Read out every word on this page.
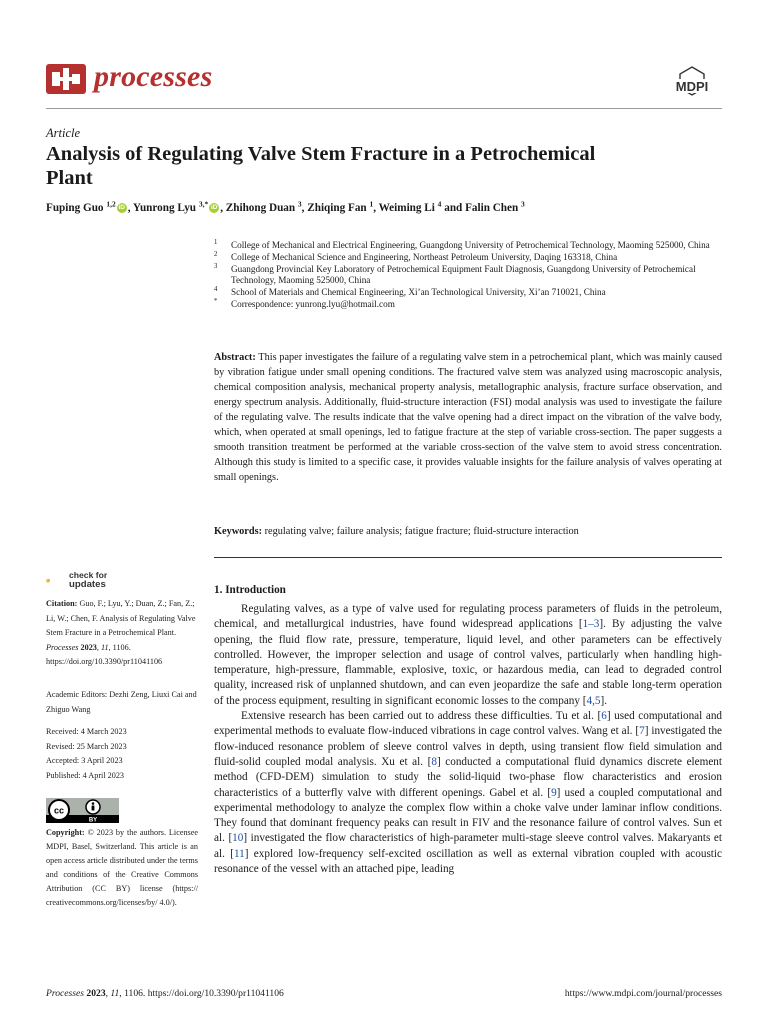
processes	MDPI
Article
Analysis of Regulating Valve Stem Fracture in a Petrochemical Plant
Fuping Guo $^{1,2}$ iD , Yunrong Lyu $^{3,*}$ iD , Zhihong Duan $^3$, Zhiqing Fan $^1$, Weiming Li $^4$ and Falin Chen $^3$
1 College of Mechanical and Electrical Engineering, Guangdong University of Petrochemical Technology, Maoming 525000, China
2 College of Mechanical Science and Engineering, Northeast Petroleum University, Daqing 163318, China
3 Guangdong Provincial Key Laboratory of Petrochemical Equipment Fault Diagnosis, Guangdong University of Petrochemical Technology, Maoming 525000, China
4 School of Materials and Chemical Engineering, Xi’an Technological University, Xi’an 710021, China
* Correspondence: yunrong.lyu@hotmail.com
Abstract: This paper investigates the failure of a regulating valve stem in a petrochemical plant, which was mainly caused by vibration fatigue under small opening conditions. The fractured valve stem was analyzed using macroscopic analysis, chemical composition analysis, mechanical property analysis, metallographic analysis, fracture surface observation, and energy spectrum analysis. Additionally, fluid-structure interaction (FSI) modal analysis was used to investigate the failure of the regulating valve. The results indicate that the valve opening had a direct impact on the vibration of the valve body, which, when operated at small openings, led to fatigue fracture at the step of variable cross-section. The paper suggests a smooth transition treatment be performed at the variable cross-section of the valve stem to avoid stress concentration. Although this study is limited to a specific case, it provides valuable insights for the failure analysis of valves operating at small openings.
Keywords: regulating valve; failure analysis; fatigue fracture; fluid-structure interaction
check for
updates
Citation: Guo, F.; Lyu, Y.; Duan, Z.; Fan, Z.; Li, W.; Chen, F. Analysis of Regulating Valve Stem Fracture in a Petrochemical Plant. Processes 2023, 11, 1106. https://doi.org/10.3390/pr11041106
Academic Editors: Dezhi Zeng, Liuxi Cai and Zhiguo Wang
Received: 4 March 2023
Revised: 25 March 2023
Accepted: 3 April 2023
Published: 4 April 2023
cc
BY
Copyright: © 2023 by the authors. Licensee MDPI, Basel, Switzerland. This article is an open access article distributed under the terms and conditions of the Creative Commons Attribution (CC BY) license (https:// creativecommons.org/licenses/by/ 4.0/).
1. Introduction

Regulating valves, as a type of valve used for regulating process parameters of fluids in the petroleum, chemical, and metallurgical industries, have found widespread applications [1–3]. By adjusting the valve opening, the fluid flow rate, pressure, temperature, liquid level, and other parameters can be effectively controlled. However, the improper selection and usage of control valves, particularly when handling high-temperature, high-pressure, flammable, explosive, toxic, or hazardous media, can lead to degraded control quality, increased risk of unplanned shutdown, and can even jeopardize the safe and stable long-term operation of the process equipment, resulting in significant economic losses to the company [4,5].

Extensive research has been carried out to address these difficulties. Tu et al. [6] used computational and experimental methods to evaluate flow-induced vibrations in cage control valves. Wang et al. [7] investigated the flow-induced resonance problem of sleeve control valves in depth, using transient flow field simulation and fluid-solid coupled modal analysis. Xu et al. [8] conducted a computational fluid dynamics discrete element method (CFD-DEM) simulation to study the solid-liquid two-phase flow characteristics and erosion characteristics of a butterfly valve with different openings. Gabel et al. [9] used a coupled computational and experimental methodology to analyze the complex flow within a choke valve under laminar inflow conditions. They found that dominant frequency peaks can result in FIV and the resonance failure of control valves. Sun et al. [10] investigated the flow characteristics of high-parameter multi-stage sleeve control valves. Makaryants et al. [11] explored low-frequency self-excited oscillation as well as external vibration coupled with acoustic resonance of the vessel with an attached pipe, leading

Processes 2023, 11, 1106. https://doi.org/10.3390/pr11041106	https://www.mdpi.com/journal/processes
